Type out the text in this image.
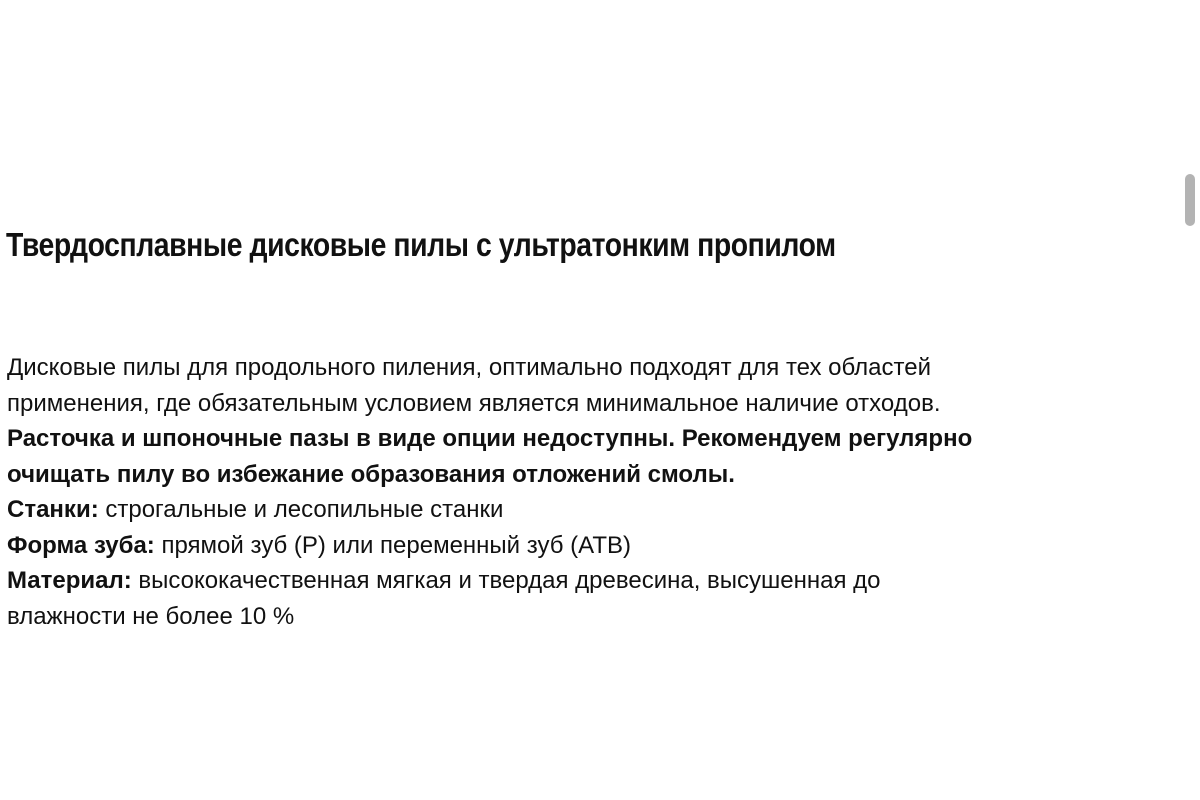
Твердосплавные дисковые пилы с ультратонким пропилом

Дисковые пилы для продольного пиления, оптимально подходят для тех областей
применения, где обязательным условием является минимальное наличие отходов.

Расточка и шпоночные пазы в виде опции недоступны. Рекомендуем регулярно
очищать пилу во избежание образования отложений смолы.

Станки: строгальные и лесопильные станки

Форма зуба: прямой зуб (P) или переменный зуб (ATB)

Материал: высококачественная мягкая и твердая древесина, высушенная до
влажности не более 10 %
